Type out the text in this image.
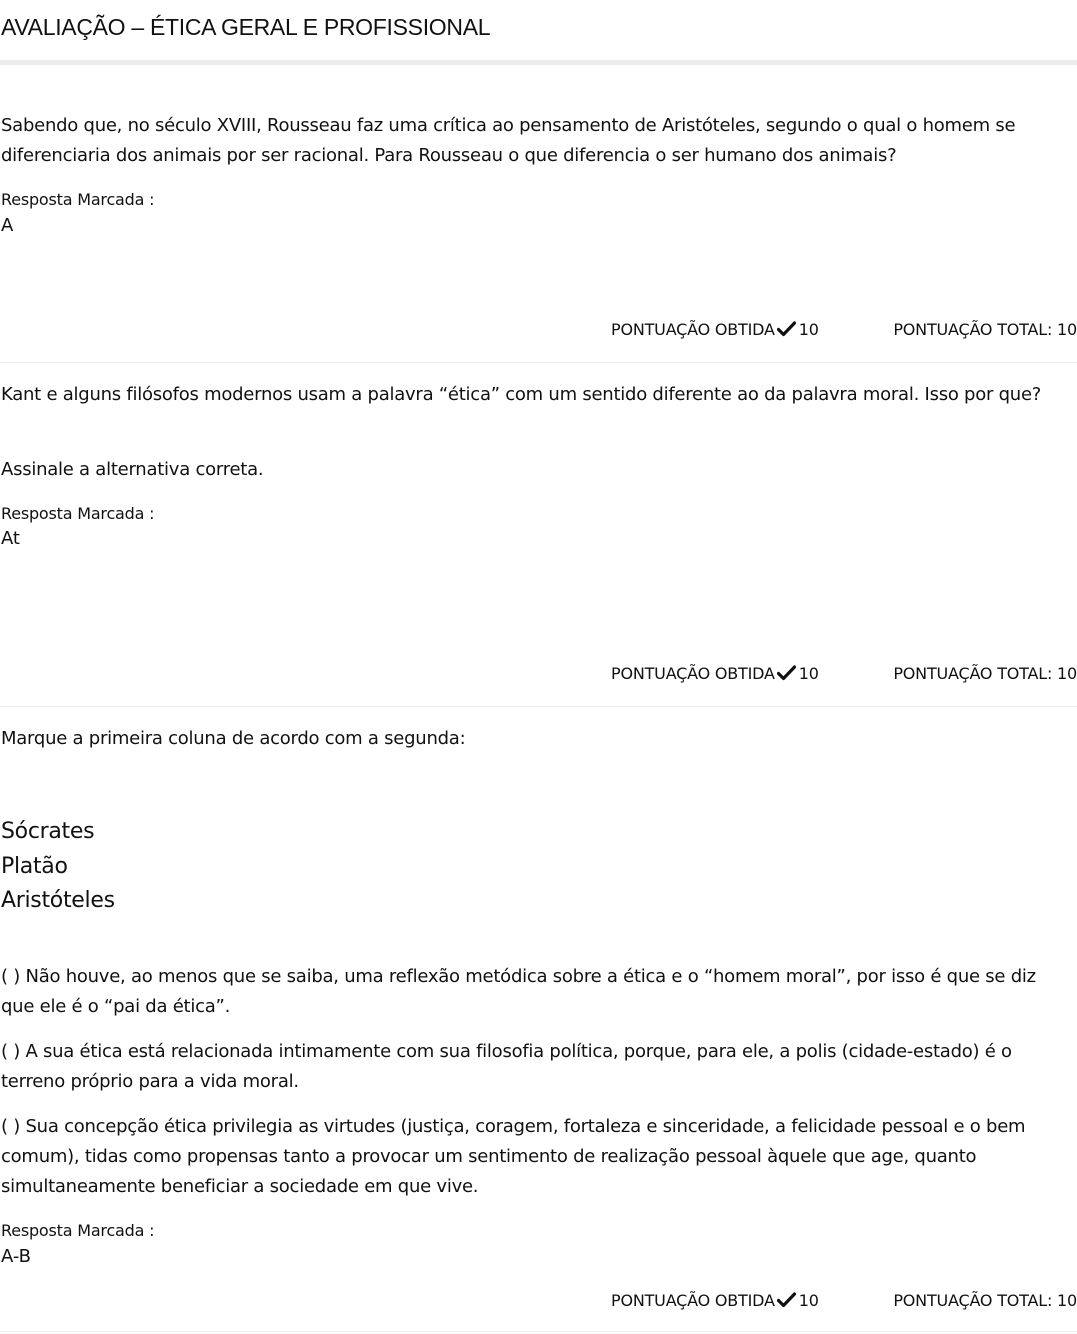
AVALIAÇÃO – ÉTICA GERAL E PROFISSIONAL

Sabendo que, no século XVIII, Rousseau faz uma crítica ao pensamento de Aristóteles, segundo o qual o homem se diferenciaria dos animais por ser racional. Para Rousseau o que diferencia o ser humano dos animais?

Resposta Marcada :
A
PONTUAÇÃO OBTIDA 10	PONTUAÇÃO TOTAL: 10

Kant e alguns filósofos modernos usam a palavra “ética” com um sentido diferente ao da palavra moral. Isso por que?

Assinale a alternativa correta.
Resposta Marcada :
At
PONTUAÇÃO OBTIDA 10	PONTUAÇÃO TOTAL: 10
Marque a primeira coluna de acordo com a segunda:
Sócrates
Platão
Aristóteles

( ) Não houve, ao menos que se saiba, uma reflexão metódica sobre a ética e o “homem moral”, por isso é que se diz que ele é o “pai da ética”.

( ) A sua ética está relacionada intimamente com sua filosofia política, porque, para ele, a polis (cidade-estado) é o terreno próprio para a vida moral.

( ) Sua concepção ética privilegia as virtudes (justiça, coragem, fortaleza e sinceridade, a felicidade pessoal e o bem comum), tidas como propensas tanto a provocar um sentimento de realização pessoal àquele que age, quanto simultaneamente beneficiar a sociedade em que vive.

Resposta Marcada :
A-B
PONTUAÇÃO OBTIDA 10	PONTUAÇÃO TOTAL: 10
